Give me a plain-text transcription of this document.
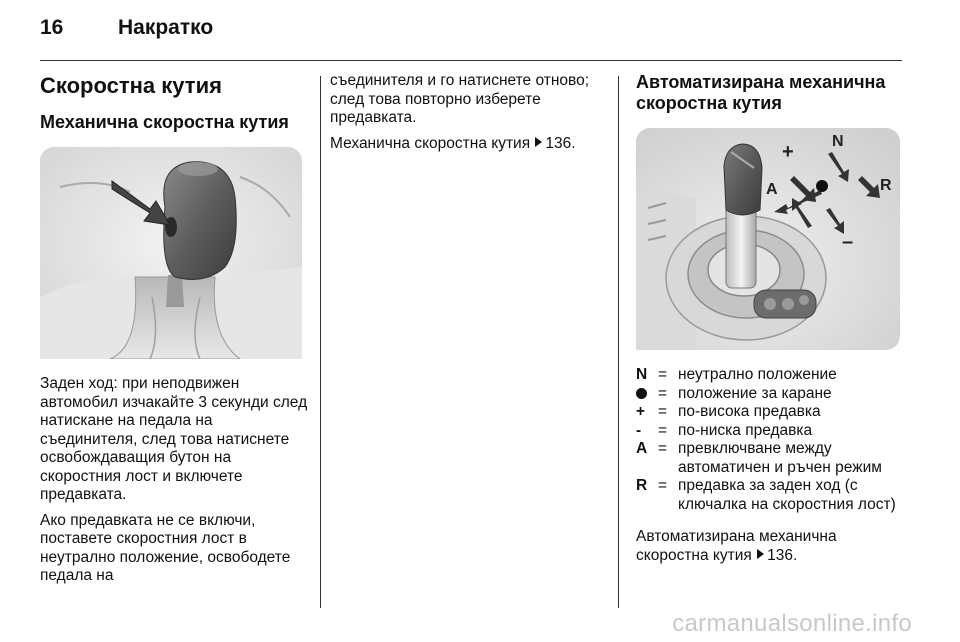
16	Накратко
Скоростна кутия
Механична скоростна кутия

Заден ход: при неподвижен автомобил изчакайте 3 секунди след натискане на педала на съединителя, след това натиснете освобождаващия бутон на скоростния лост и включете предавката.

Ако предавката не се включи, поставете скоростния лост в неутрално положение, освободете педала на

съединителя и го натиснете отново; след това повторно изберете предавката.

Механична скоростна кутия 136.

Автоматизирана механична скоростна кутия
+ N
R
A
–
N	=	неутрално положение
	=	положение за каране
+	=	по-висока предавка
-	=	по-ниска предавка
A	=	превключване между автоматичен и ръчен режим
R	=	предавка за заден ход (с ключалка на скоростния лост)

Автоматизирана механична скоростна кутия 136.

carmanualsonline.info
